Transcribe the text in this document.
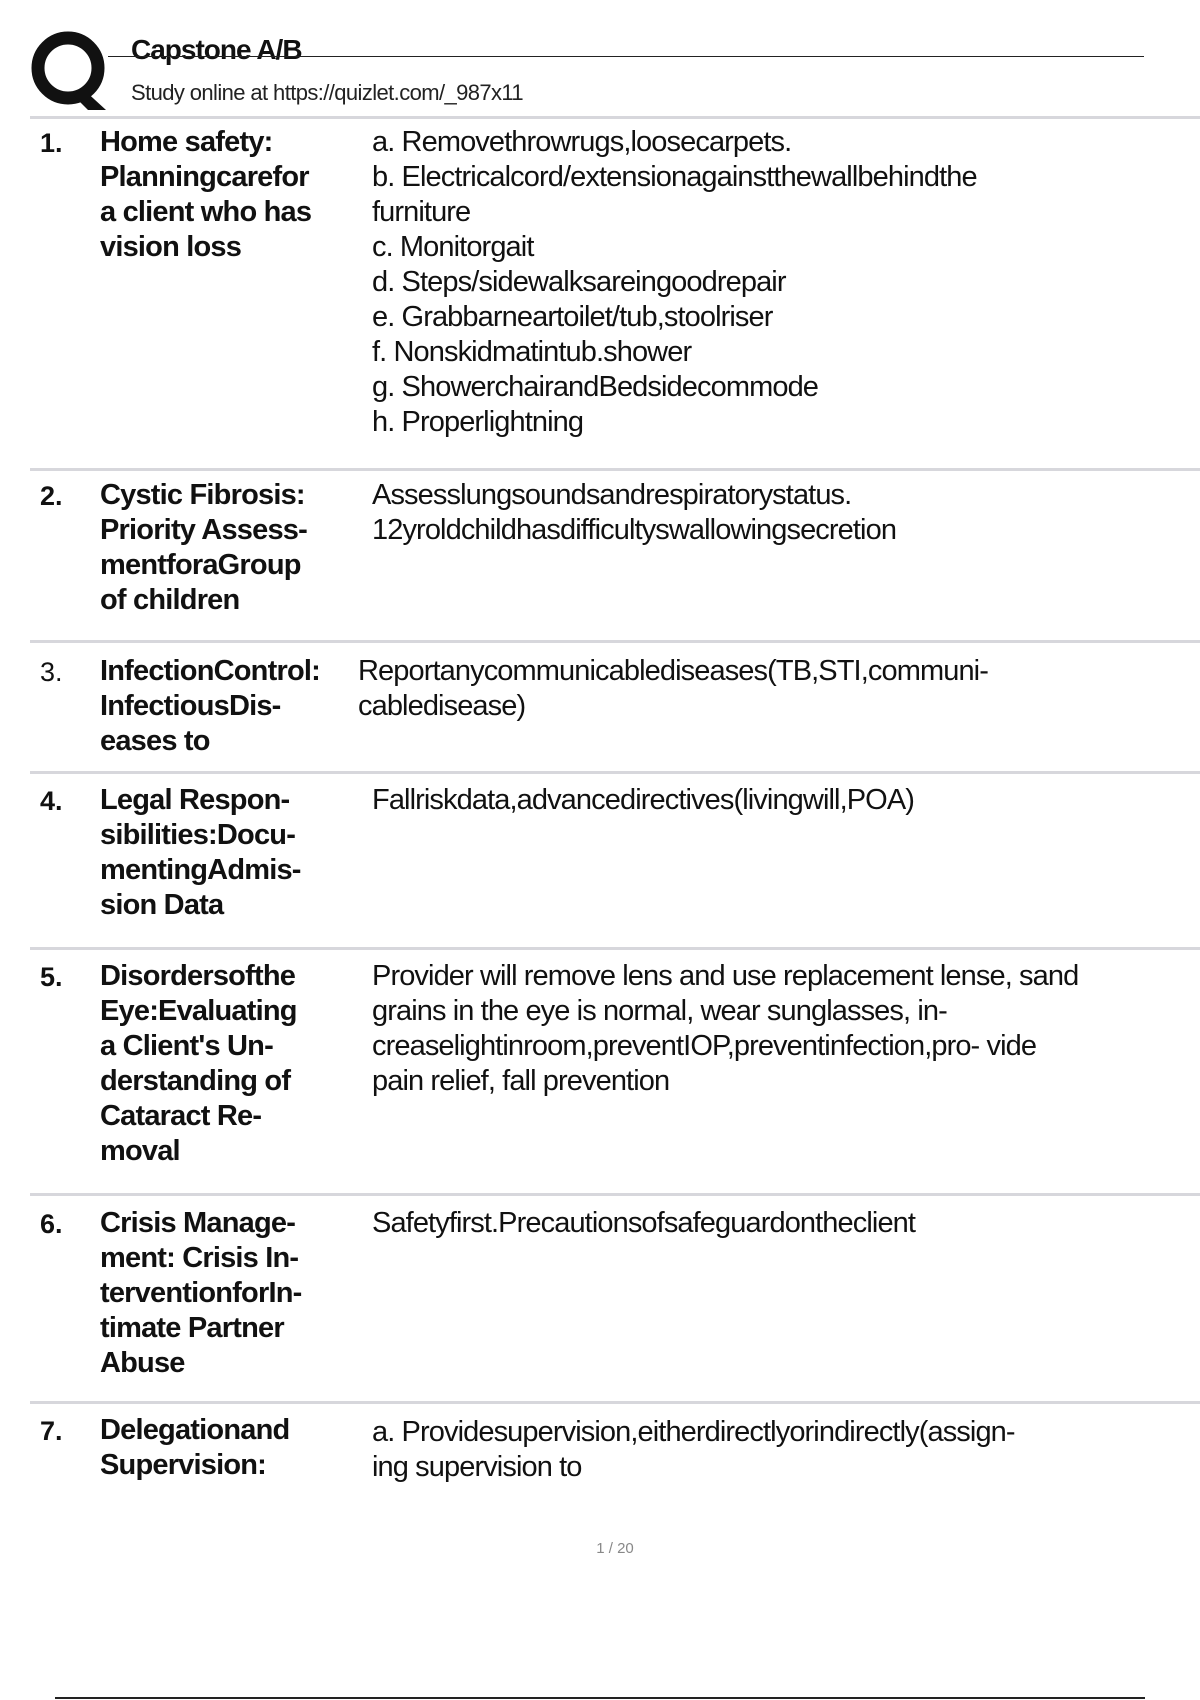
Capstone A/B
Study online at https://quizlet.com/_987x11
1. Home safety:
Planningcarefor
a client who has
vision loss
a. Removethrowrugs,loosecarpets.
b. Electricalcord/extensionagainstthewallbehindthe
furniture
c. Monitorgait
d. Steps/sidewalksareingoodrepair
e. Grabbarneartoilet/tub,stoolriser
f. Nonskidmatintub.shower
g. ShowerchairandBedsidecommode
h. Properlightning
2. Cystic Fibrosis:
Priority Assess-
mentforaGroup
of children
Assesslungsoundsandrespiratorystatus.
12yroldchildhasdifficultyswallowingsecretion
3. InfectionControl:
InfectiousDis-
eases to
Reportanycommunicablediseases(TB,STI,communi-
cabledisease)
4. Legal Respon-
sibilities:Docu-
mentingAdmis-
sion Data
Fallriskdata,advancedirectives(livingwill,POA)
5. Disordersofthe
Eye:Evaluating
a Client's Un-
derstanding of
Cataract Re-
moval
Provider will remove lens and use replacement lense, sand
grains in the eye is normal, wear sunglasses, in-
creaselightinroom,preventIOP,preventinfection,pro- vide
pain relief, fall prevention
6. Crisis Manage-
ment: Crisis In-
terventionforIn-
timate Partner
Abuse
Safetyfirst.Precautionsofsafeguardontheclient
7. Delegationand
Supervision:
a. Providesupervision,eitherdirectlyorindirectly(assign-
ing supervision to
1 / 20
